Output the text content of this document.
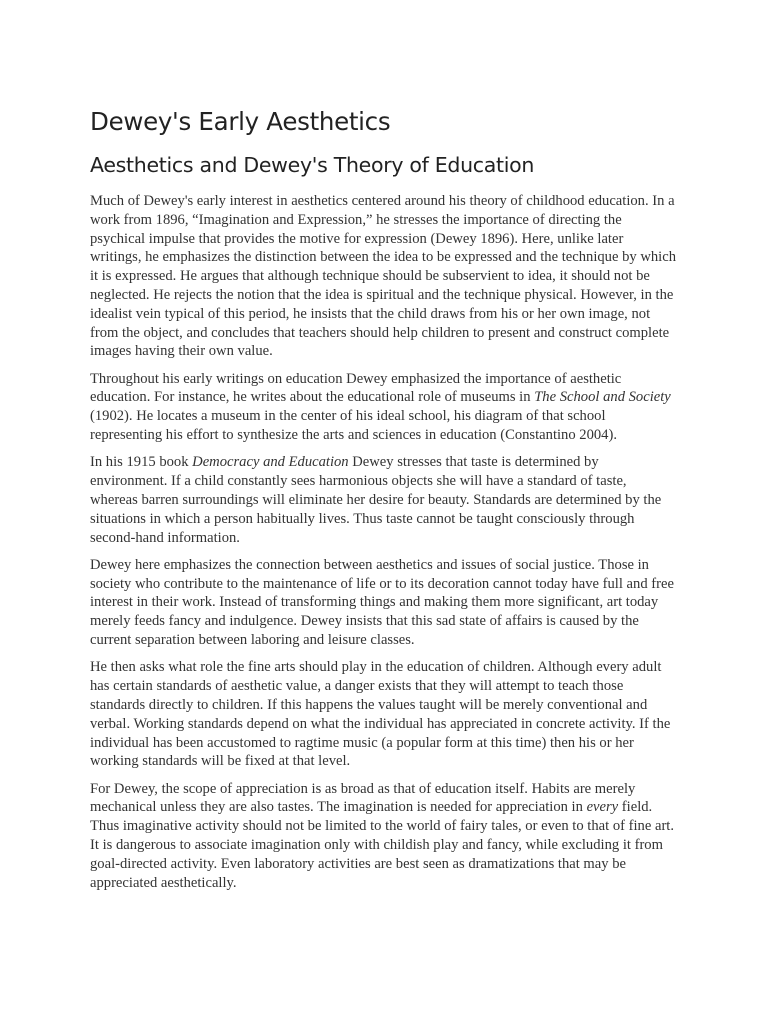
Dewey's Early Aesthetics
Aesthetics and Dewey's Theory of Education

Much of Dewey's early interest in aesthetics centered around his theory of childhood education. In a work from 1896, “Imagination and Expression,” he stresses the importance of directing the psychical impulse that provides the motive for expression (Dewey 1896). Here, unlike later writings, he emphasizes the distinction between the idea to be expressed and the technique by which it is expressed. He argues that although technique should be subservient to idea, it should not be neglected. He rejects the notion that the idea is spiritual and the technique physical. However, in the idealist vein typical of this period, he insists that the child draws from his or her own image, not from the object, and concludes that teachers should help children to present and construct complete images having their own value.

Throughout his early writings on education Dewey emphasized the importance of aesthetic education. For instance, he writes about the educational role of museums in The School and Society (1902). He locates a museum in the center of his ideal school, his diagram of that school representing his effort to synthesize the arts and sciences in education (Constantino 2004).

In his 1915 book Democracy and Education Dewey stresses that taste is determined by environment. If a child constantly sees harmonious objects she will have a standard of taste, whereas barren surroundings will eliminate her desire for beauty. Standards are determined by the situations in which a person habitually lives. Thus taste cannot be taught consciously through second-hand information.

Dewey here emphasizes the connection between aesthetics and issues of social justice. Those in society who contribute to the maintenance of life or to its decoration cannot today have full and free interest in their work. Instead of transforming things and making them more significant, art today merely feeds fancy and indulgence. Dewey insists that this sad state of affairs is caused by the current separation between laboring and leisure classes.

He then asks what role the fine arts should play in the education of children. Although every adult has certain standards of aesthetic value, a danger exists that they will attempt to teach those standards directly to children. If this happens the values taught will be merely conventional and verbal. Working standards depend on what the individual has appreciated in concrete activity. If the individual has been accustomed to ragtime music (a popular form at this time) then his or her working standards will be fixed at that level.

For Dewey, the scope of appreciation is as broad as that of education itself. Habits are merely mechanical unless they are also tastes. The imagination is needed for appreciation in every field. Thus imaginative activity should not be limited to the world of fairy tales, or even to that of fine art. It is dangerous to associate imagination only with childish play and fancy, while excluding it from goal-directed activity. Even laboratory activities are best seen as dramatizations that may be appreciated aesthetically.
